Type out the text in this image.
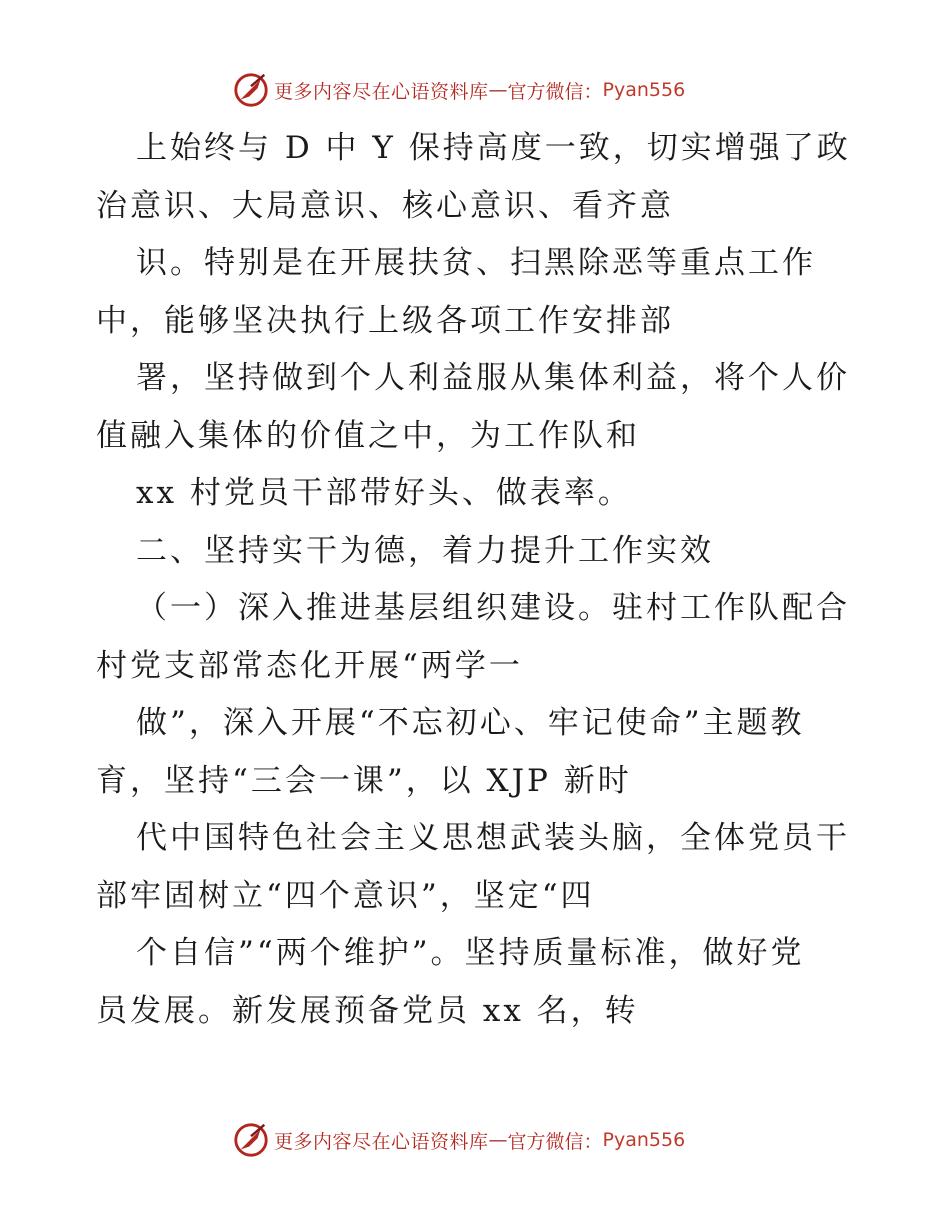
更多内容尽在心语资料库 — 官方微信： Pyan556
上始终与 D 中 Y 保持高度一致，切实增强了政
治意识、大局意识、核心意识、看齐意
识。特别是在开展扶贫、扫黑除恶等重点工作
中，能够坚决执行上级各项工作安排部
署，坚持做到个人利益服从集体利益，将个人价
值融入集体的价值之中，为工作队和
xx 村党员干部带好头、做表率。
二、坚持实干为德，着力提升工作实效
（一）深入推进基层组织建设。驻村工作队配合
村党支部常态化开展“两学一
做”，深入开展“不忘初心、牢记使命”主题教
育，坚持“三会一课”，以 XJP 新时
代中国特色社会主义思想武装头脑，全体党员干
部牢固树立“四个意识”，坚定“四
个自信”“两个维护”。坚持质量标准，做好党
员发展。新发展预备党员 xx 名，转
更多内容尽在心语资料库 — 官方微信： Pyan556
